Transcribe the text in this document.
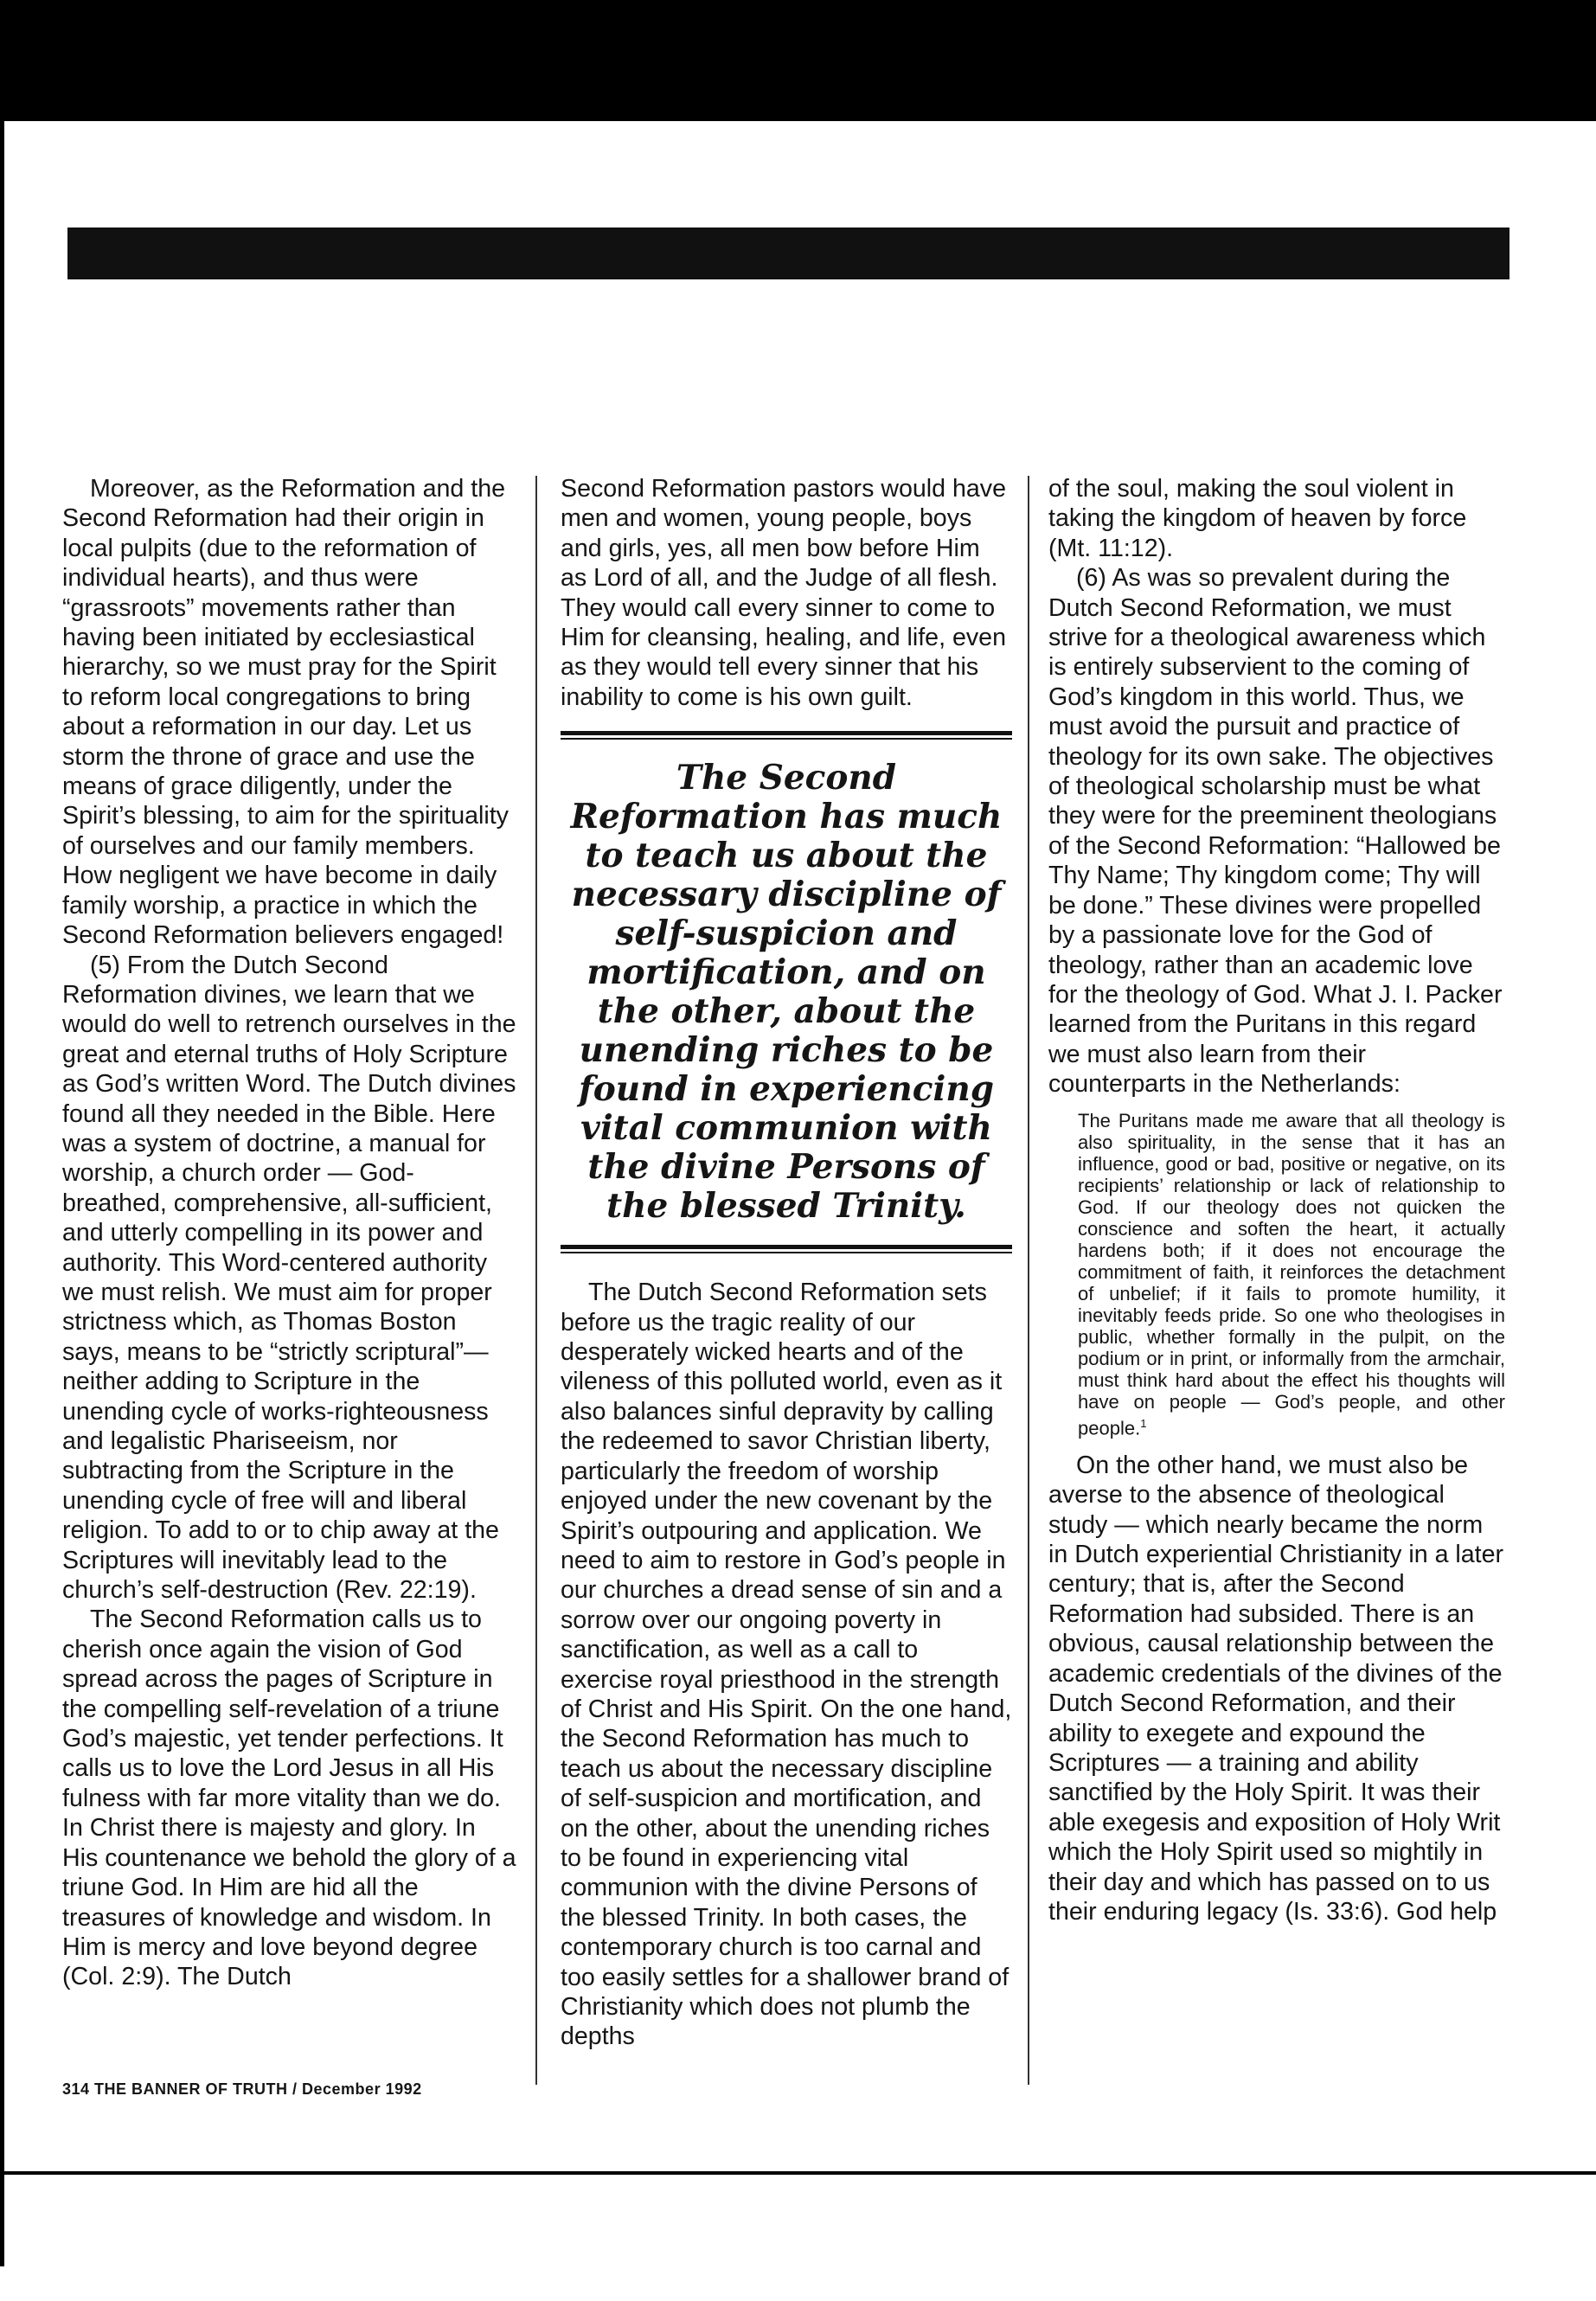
Moreover, as the Reformation and the Second Reformation had their origin in local pulpits (due to the reformation of individual hearts), and thus were “grassroots” movements rather than having been initiated by ecclesiastical hierarchy, so we must pray for the Spirit to reform local congregations to bring about a reformation in our day. Let us storm the throne of grace and use the means of grace diligently, under the Spirit’s blessing, to aim for the spirituality of ourselves and our family members. How negligent we have become in daily family worship, a practice in which the Second Reformation believers engaged!

(5) From the Dutch Second Reformation divines, we learn that we would do well to retrench ourselves in the great and eternal truths of Holy Scripture as God’s written Word. The Dutch divines found all they needed in the Bible. Here was a system of doctrine, a manual for worship, a church order — God-breathed, comprehensive, all-sufficient, and utterly compelling in its power and authority. This Word-centered authority we must relish. We must aim for proper strictness which, as Thomas Boston says, means to be “strictly scriptural”— neither adding to Scripture in the unending cycle of works-righteousness and legalistic Phariseeism, nor subtracting from the Scripture in the unending cycle of free will and liberal religion. To add to or to chip away at the Scriptures will inevitably lead to the church’s self-destruction (Rev. 22:19).

The Second Reformation calls us to cherish once again the vision of God spread across the pages of Scripture in the compelling self-revelation of a triune God’s majestic, yet tender perfections. It calls us to love the Lord Jesus in all His fulness with far more vitality than we do. In Christ there is majesty and glory. In His countenance we behold the glory of a triune God. In Him are hid all the treasures of knowledge and wisdom. In Him is mercy and love beyond degree (Col. 2:9). The Dutch

Second Reformation pastors would have men and women, young people, boys and girls, yes, all men bow before Him as Lord of all, and the Judge of all flesh. They would call every sinner to come to Him for cleansing, healing, and life, even as they would tell every sinner that his inability to come is his own guilt.

The Second Reformation has much to teach us about the necessary discipline of self-suspicion and mortification, and on the other, about the unending riches to be found in experiencing vital communion with the divine Persons of the blessed Trinity.

The Dutch Second Reformation sets before us the tragic reality of our desperately wicked hearts and of the vileness of this polluted world, even as it also balances sinful depravity by calling the redeemed to savor Christian liberty, particularly the freedom of worship enjoyed under the new covenant by the Spirit’s outpouring and application. We need to aim to restore in God’s people in our churches a dread sense of sin and a sorrow over our ongoing poverty in sanctification, as well as a call to exercise royal priesthood in the strength of Christ and His Spirit. On the one hand, the Second Reformation has much to teach us about the necessary discipline of self-suspicion and mortification, and on the other, about the unending riches to be found in experiencing vital communion with the divine Persons of the blessed Trinity. In both cases, the contemporary church is too carnal and too easily settles for a shallower brand of Christianity which does not plumb the depths

of the soul, making the soul violent in taking the kingdom of heaven by force (Mt. 11:12).

(6) As was so prevalent during the Dutch Second Reformation, we must strive for a theological awareness which is entirely subservient to the coming of God’s kingdom in this world. Thus, we must avoid the pursuit and practice of theology for its own sake. The objectives of theological scholarship must be what they were for the preeminent theologians of the Second Reformation: “Hallowed be Thy Name; Thy kingdom come; Thy will be done.” These divines were propelled by a passionate love for the God of theology, rather than an academic love for the theology of God. What J. I. Packer learned from the Puritans in this regard we must also learn from their counterparts in the Netherlands:

The Puritans made me aware that all theology is also spirituality, in the sense that it has an influence, good or bad, positive or negative, on its recipients’ relationship or lack of relationship to God. If our theology does not quicken the conscience and soften the heart, it actually hardens both; if it does not encourage the commitment of faith, it reinforces the detachment of unbelief; if it fails to promote humility, it inevitably feeds pride. So one who theologises in public, whether formally in the pulpit, on the podium or in print, or informally from the armchair, must think hard about the effect his thoughts will have on people — God’s people, and other people.$^1$

On the other hand, we must also be averse to the absence of theological study — which nearly became the norm in Dutch experiential Christianity in a later century; that is, after the Second Reformation had subsided. There is an obvious, causal relationship between the academic credentials of the divines of the Dutch Second Reformation, and their ability to exegete and expound the Scriptures — a training and ability sanctified by the Holy Spirit. It was their able exegesis and exposition of Holy Writ which the Holy Spirit used so mightily in their day and which has passed on to us their enduring legacy (Is. 33:6). God help

314 THE BANNER OF TRUTH / December 1992
